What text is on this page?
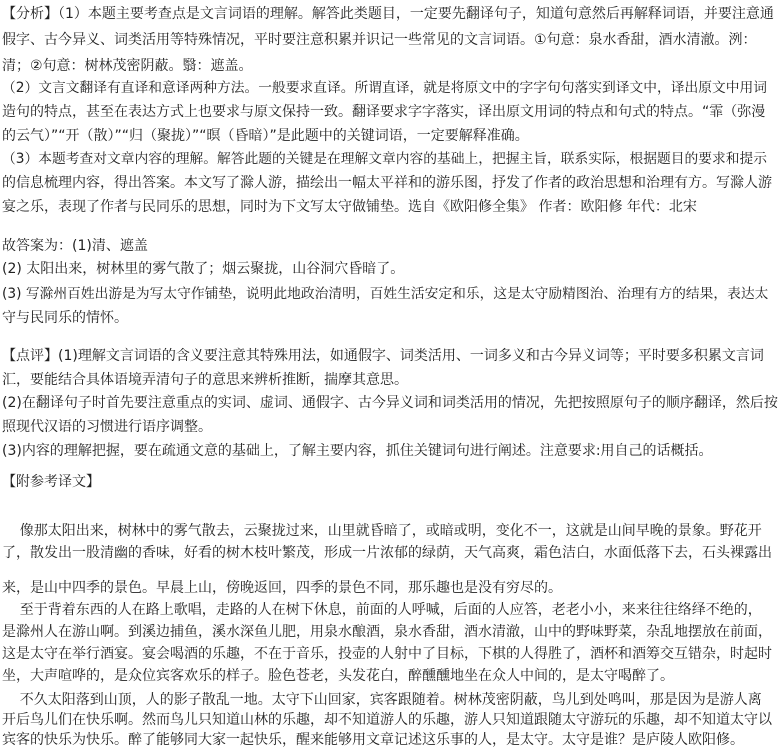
【分析】（1）本题主要考查点是文言词语的理解。解答此类题目，一定要先翻译句子，知道句意然后再解释词语，并要注意通

假字、古今异义、词类活用等特殊情况，平时要注意积累并识记一些常见的文言词语。①句意：泉水香甜，酒水清澈。洌：

清；②句意：树林茂密阴蔽。翳：遮盖。

（2）文言文翻译有直译和意译两种方法。一般要求直译。所谓直译，就是将原文中的字字句句落实到译文中，译出原文中用词

造句的特点，甚至在表达方式上也要求与原文保持一致。翻译要求字字落实，译出原文用词的特点和句式的特点。“霏（弥漫

的云气）”“开（散）”“归（聚拢）”“暝（昏暗）”是此题中的关键词语，一定要解释准确。

（3）本题考查对文章内容的理解。解答此题的关键是在理解文章内容的基础上，把握主旨，联系实际，根据题目的要求和提示

的信息梳理内容，得出答案。本文写了滁人游，描绘出一幅太平祥和的游乐图，抒发了作者的政治思想和治理有方。写滁人游

宴之乐，表现了作者与民同乐的思想，同时为下文写太守做铺垫。选自《欧阳修全集》 作者：欧阳修 年代：北宋

故答案为：(1)清、遮盖

(2) 太阳出来，树林里的雾气散了；烟云聚拢，山谷洞穴昏暗了。

(3) 写滁州百姓出游是为写太守作铺垫，说明此地政治清明，百姓生活安定和乐，这是太守励精图治、治理有方的结果，表达太

守与民同乐的情怀。

【点评】(1)理解文言词语的含义要注意其特殊用法，如通假字、词类活用、一词多义和古今异义词等；平时要多积累文言词

汇，要能结合具体语境弄清句子的意思来辨析推断，揣摩其意思。

(2)在翻译句子时首先要注意重点的实词、虚词、通假字、古今异义词和词类活用的情况，先把按照原句子的顺序翻译，然后按

照现代汉语的习惯进行语序调整。

(3)内容的理解把握，要在疏通文意的基础上，了解主要内容，抓住关键词句进行阐述。注意要求:用自己的话概括。

【附参考译文】

像那太阳出来，树林中的雾气散去，云聚拢过来，山里就昏暗了，或暗或明，变化不一，这就是山间早晚的景象。野花开

了，散发出一股清幽的香味，好看的树木枝叶繁茂，形成一片浓郁的绿荫，天气高爽，霜色洁白，水面低落下去，石头裸露出

来，是山中四季的景色。早晨上山，傍晚返回，四季的景色不同，那乐趣也是没有穷尽的。

至于背着东西的人在路上歌唱，走路的人在树下休息，前面的人呼喊，后面的人应答，老老小小，来来往往络绎不绝的，

是滁州人在游山啊。到溪边捕鱼，溪水深鱼儿肥，用泉水酿酒，泉水香甜，酒水清澈，山中的野味野菜，杂乱地摆放在前面，

这是太守在举行酒宴。宴会喝酒的乐趣，不在于音乐，投壶的人射中了目标，下棋的人得胜了，酒杯和酒筹交互错杂，时起时

坐，大声喧哗的，是众位宾客欢乐的样子。脸色苍老，头发花白，醉醺醺地坐在众人中间的，是太守喝醉了。

不久太阳落到山顶，人的影子散乱一地。太守下山回家，宾客跟随着。树林茂密阴蔽，鸟儿到处鸣叫，那是因为是游人离

开后鸟儿们在快乐啊。然而鸟儿只知道山林的乐趣，却不知道游人的乐趣，游人只知道跟随太守游玩的乐趣，却不知道太守以

宾客的快乐为快乐。醉了能够同大家一起快乐，醒来能够用文章记述这乐事的人，是太守。太守是谁？是庐陵人欧阳修。
